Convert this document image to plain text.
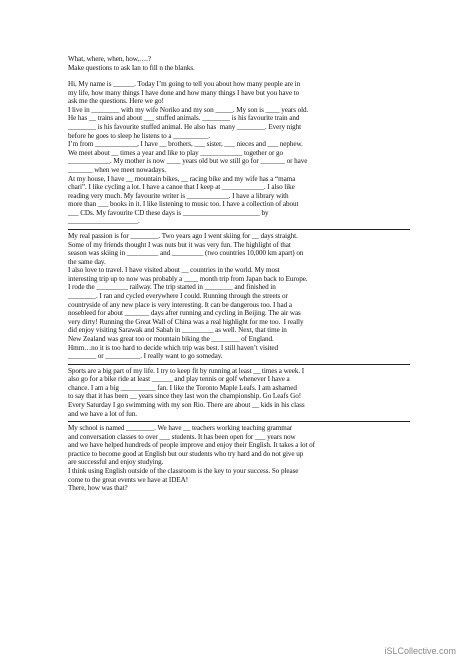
What, where, when, how,….?
Make questions to ask Ian to fill n the blanks.
Hi, My name is ______. Today I’m going to tell you about how many people are in
my life, how many things I have done and how many things I have but you have to
ask me the questions. Here we go!
I live in ________ with my wife Noriko and my son _____. My son is ____ years old.
He has __ trains and about ___ stuffed animals. ________ is his favourite train and
________ is his favourite stuffed animal. He also has  many ________. Every night
before he goes to sleep he listens to a __________.
I’m from ____________, I have __ brothers, ___ sister, ___ nieces and ___ nephew.
We meet about __ times a year and like to play ____________ together or go
____________. My mother is now ____ years old but we still go for _______ or have
_______ when we meet nowadays.
At my house, I have __ mountain bikes, __ racing bike and my wife has a “mama
chari”. I like cycling a lot. I have a canoe that I keep at ____________. I also like
reading very much. My favourite writer is ____________. I have a library with
more than ___ books in it. I like listening to music too. I have a collection of about
___ CDs. My favourite CD these days is ______________________ by
____________________.
My real passion is for ________. Two years ago I went skiing for __ days straight.
Some of my friends thought I was nuts but it was very fun. The highlight of that
season was skiing in _________ and _________ (two countries 10,000 km apart) on
the same day.
I also love to travel. I have visited about __ countries in the world. My most
interesting trip up to now was probably a ____ month trip from Japan back to Europe.
I rode the _________ railway. The trip started in ________ and finished in
________. I ran and cycled everywhere I could. Running through the streets or
countryside of any new place is very interesting. It can be dangerous too. I had a
nosebleed for about _______ days after running and cycling in Beijing. The air was
very dirty! Running the Great Wall of China was a real highlight for me too.  I really
did enjoy visiting Sarawak and Sabah in _________ as well. Next, that time in
New Zealand was great too or mountain biking the ________ of England.
Hmm…no it is too hard to decide which trip was best. I still haven’t visited
________ or __________. I really want to go someday.
Sports are a big part of my life. I try to keep fit by running at least __ times a week. I
also go for a bike ride at least ______ and play tennis or golf whenever I have a
chance. I am a big __________ fan. I like the Toronto Maple Leafs. I am ashamed
to say that it has been __ years since they last won the championship. Go Leafs Go!
Every Saturday I go swimming with my son Rio. There are about __ kids in his class
and we have a lot of fun.
My school is named ________. We have __ teachers working teaching grammar
and conversation classes to over ___ students. It has been open for ___ years now
and we have helped hundreds of people improve and enjoy their English. It takes a lot of
practice to become good at English but our students who try hard and do not give up
are successful and enjoy studying.
I think using English outside of the classroom is the key to your success. So please
come to the great events we have at IDEA!
There, how was that?
iSLCollective.com
